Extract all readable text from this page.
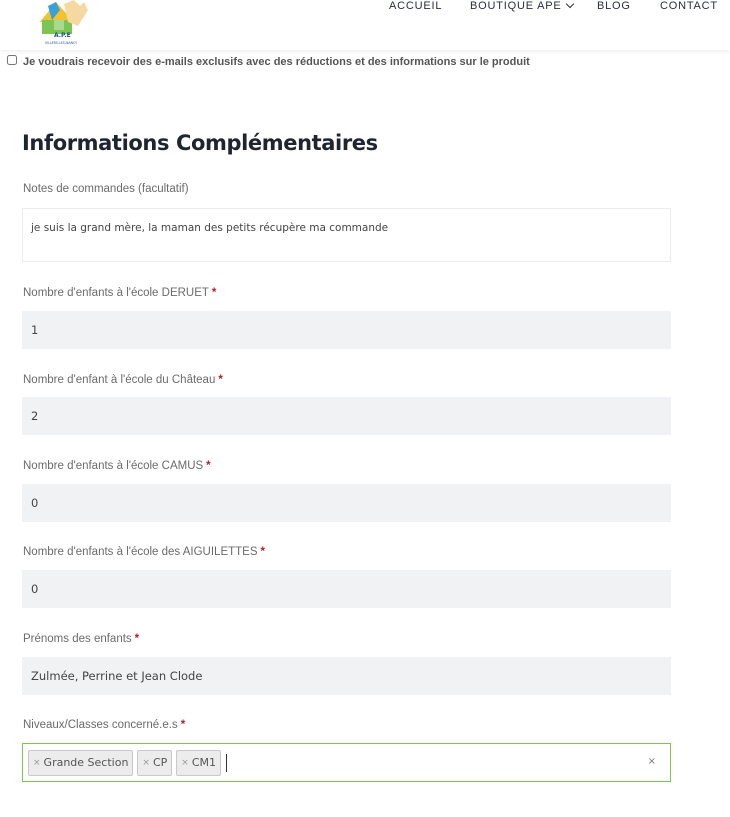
A.P.E
VILLERS-LES-NANCY
ACCUEIL	BOUTIQUE APE	BLOG	CONTACT
Je voudrais recevoir des e-mails exclusifs avec des réductions et des informations sur le produit
Informations Complémentaires
Notes de commandes (facultatif)
je suis la grand mère, la maman des petits récupère ma commande
Nombre d'enfants à l'école DERUET *
1
Nombre d'enfant à l'école du Château *
2
Nombre d'enfants à l'école CAMUS *
0
Nombre d'enfants à l'école des AIGUILETTES *
0
Prénoms des enfants *
Zulmée, Perrine et Jean Clode
Niveaux/Classes concerné.e.s *
× Grande Section × CP × CM1	×
